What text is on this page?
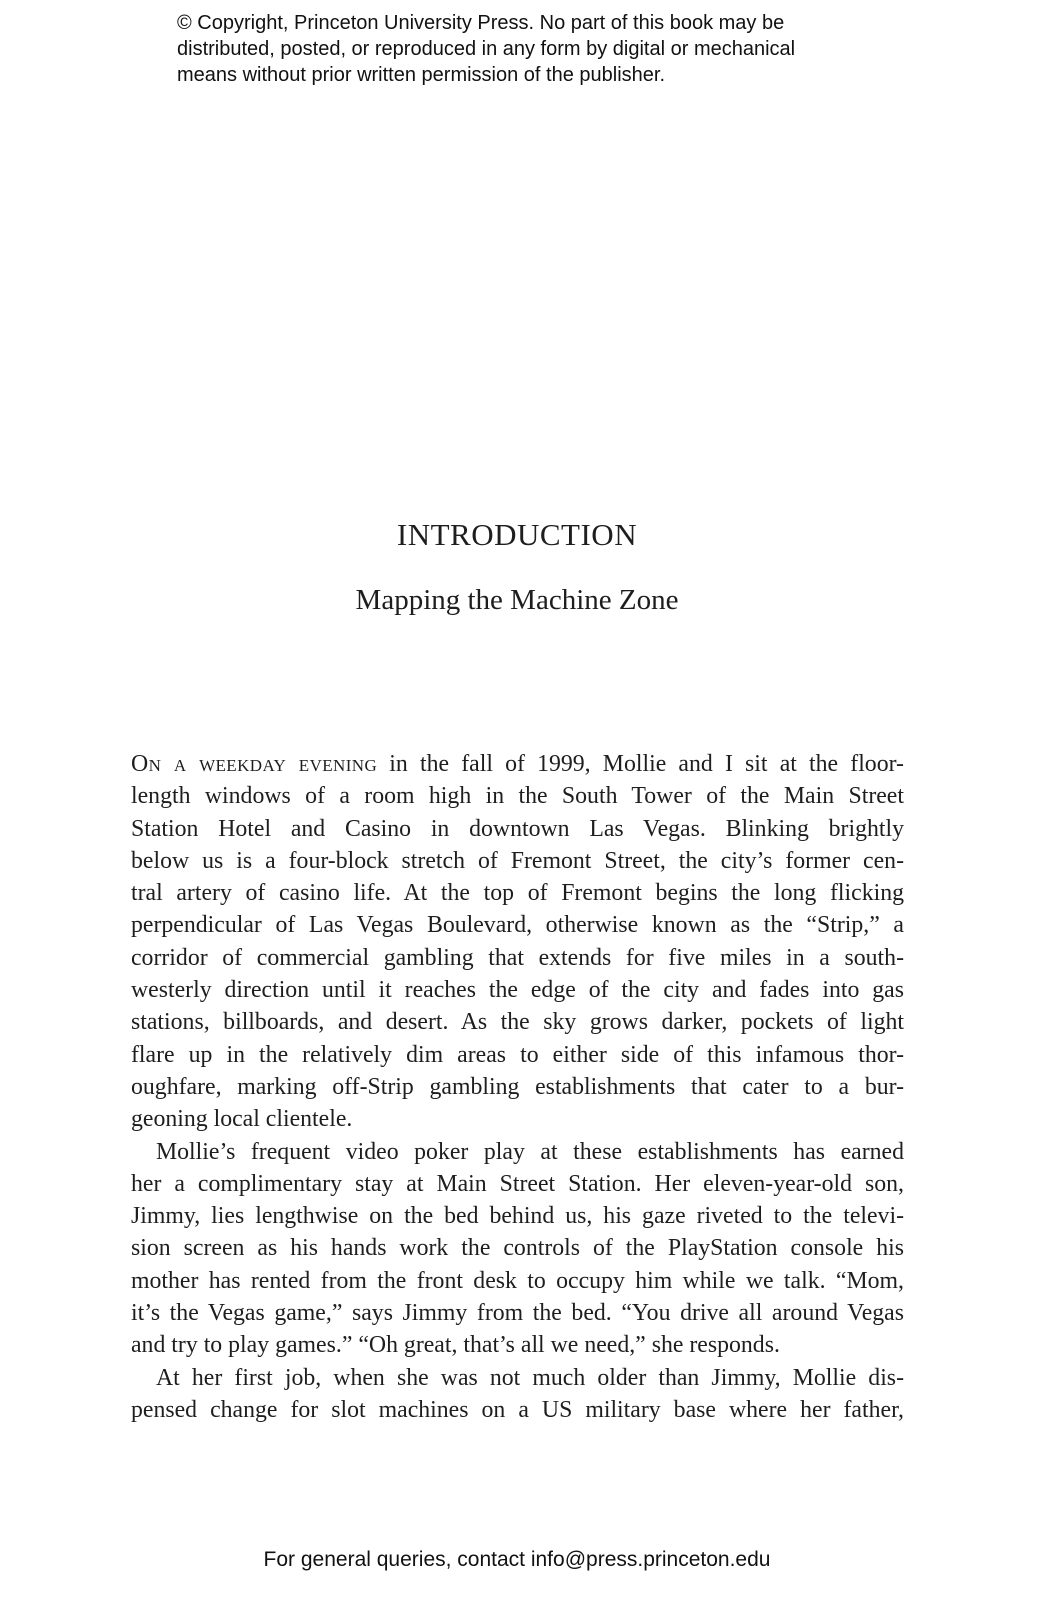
© Copyright, Princeton University Press. No part of this book may be
distributed, posted, or reproduced in any form by digital or mechanical
means without prior written permission of the publisher.
INTRODUCTION
Mapping the Machine Zone
On a weekday evening in the fall of 1999, Mollie and I sit at the floor-
length windows of a room high in the South Tower of the Main Street
Station Hotel and Casino in downtown Las Vegas. Blinking brightly
below us is a four-block stretch of Fremont Street, the city’s former cen-
tral artery of casino life. At the top of Fremont begins the long flicking
perpendicular of Las Vegas Boulevard, otherwise known as the “Strip,” a
corridor of commercial gambling that extends for five miles in a south-
westerly direction until it reaches the edge of the city and fades into gas
stations, billboards, and desert. As the sky grows darker, pockets of light
flare up in the relatively dim areas to either side of this infamous thor-
oughfare, marking off-Strip gambling establishments that cater to a bur-
geoning local clientele.
Mollie’s frequent video poker play at these establishments has earned
her a complimentary stay at Main Street Station. Her eleven-year-old son,
Jimmy, lies lengthwise on the bed behind us, his gaze riveted to the televi-
sion screen as his hands work the controls of the PlayStation console his
mother has rented from the front desk to occupy him while we talk. “Mom,
it’s the Vegas game,” says Jimmy from the bed. “You drive all around Vegas
and try to play games.” “Oh great, that’s all we need,” she responds.
At her first job, when she was not much older than Jimmy, Mollie dis-
pensed change for slot machines on a US military base where her father,
For general queries, contact info@press.princeton.edu
